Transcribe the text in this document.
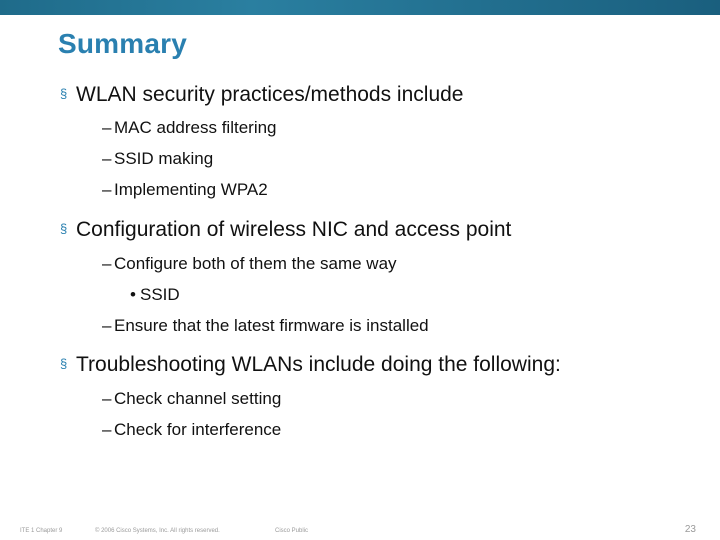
Summary
§ WLAN security practices/methods include
– MAC address filtering
– SSID making
– Implementing WPA2
§ Configuration of wireless NIC and access point
– Configure both of them the same way
• SSID
– Ensure that the latest firmware is installed
§ Troubleshooting WLANs include doing the following:
– Check channel setting
– Check for interference
ITE 1 Chapter 9	© 2006 Cisco Systems, Inc. All rights reserved.	Cisco Public	23
